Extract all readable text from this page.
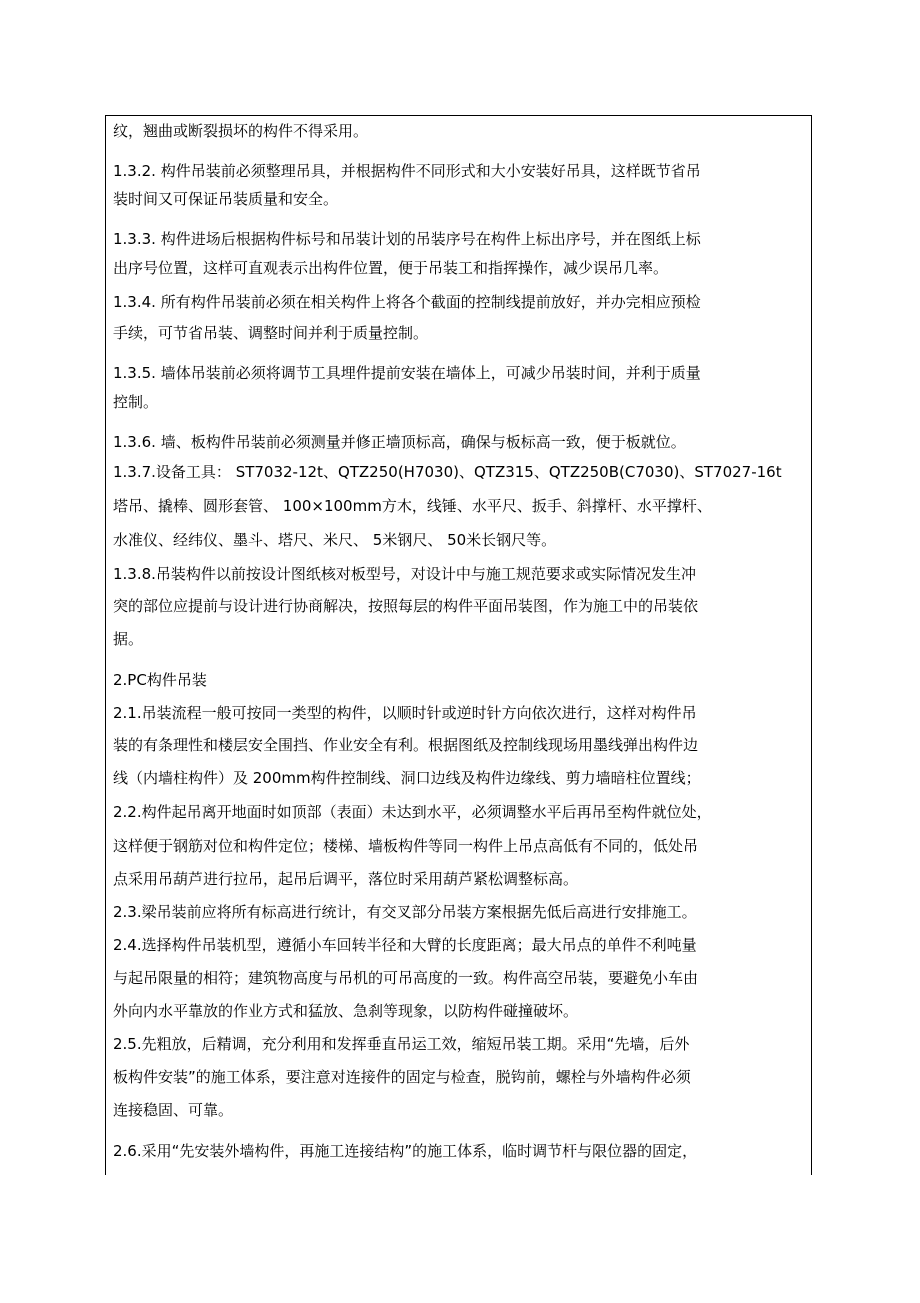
纹，翘曲或断裂损坏的构件不得采用。
1.3.2. 构件吊装前必须整理吊具，并根据构件不同形式和大小安装好吊具，这样既节省吊
装时间又可保证吊装质量和安全。
1.3.3. 构件进场后根据构件标号和吊装计划的吊装序号在构件上标出序号，并在图纸上标
出序号位置，这样可直观表示出构件位置，便于吊装工和指挥操作，减少误吊几率。
1.3.4. 所有构件吊装前必须在相关构件上将各个截面的控制线提前放好，并办完相应预检
手续，可节省吊装、调整时间并利于质量控制。
1.3.5. 墙体吊装前必须将调节工具埋件提前安装在墙体上，可减少吊装时间，并利于质量
控制。
1.3.6. 墙、板构件吊装前必须测量并修正墙顶标高，确保与板标高一致，便于板就位。
1.3.7.设备工具： ST7032-12t、QTZ250(H7030)、QTZ315、QTZ250B(C7030)、ST7027-16t
塔吊、撬棒、圆形套管、 100×100mm方木，线锤、水平尺、扳手、斜撑杆、水平撑杆、
水准仪、经纬仪、墨斗、塔尺、米尺、 5米钢尺、 50米长钢尺等。
1.3.8.吊装构件以前按设计图纸核对板型号，对设计中与施工规范要求或实际情况发生冲
突的部位应提前与设计进行协商解决，按照每层的构件平面吊装图，作为施工中的吊装依
据。
2.PC构件吊装
2.1.吊装流程一般可按同一类型的构件，以顺时针或逆时针方向依次进行，这样对构件吊
装的有条理性和楼层安全围挡、作业安全有利。根据图纸及控制线现场用墨线弹出构件边
线（内墙柱构件）及 200mm构件控制线、洞口边线及构件边缘线、剪力墙暗柱位置线；
2.2.构件起吊离开地面时如顶部（表面）未达到水平，必须调整水平后再吊至构件就位处，
这样便于钢筋对位和构件定位；楼梯、墙板构件等同一构件上吊点高低有不同的，低处吊
点采用吊葫芦进行拉吊，起吊后调平，落位时采用葫芦紧松调整标高。
2.3.梁吊装前应将所有标高进行统计，有交叉部分吊装方案根据先低后高进行安排施工。
2.4.选择构件吊装机型，遵循小车回转半径和大臂的长度距离；最大吊点的单件不利吨量
与起吊限量的相符；建筑物高度与吊机的可吊高度的一致。构件高空吊装，要避免小车由
外向内水平靠放的作业方式和猛放、急刹等现象，以防构件碰撞破坏。
2.5.先粗放，后精调，充分利用和发挥垂直吊运工效，缩短吊装工期。采用“先墙，后外
板构件安装”的施工体系，要注意对连接件的固定与检查，脱钩前，螺栓与外墙构件必须
连接稳固、可靠。
2.6.采用“先安装外墙构件，再施工连接结构”的施工体系，临时调节杆与限位器的固定，
